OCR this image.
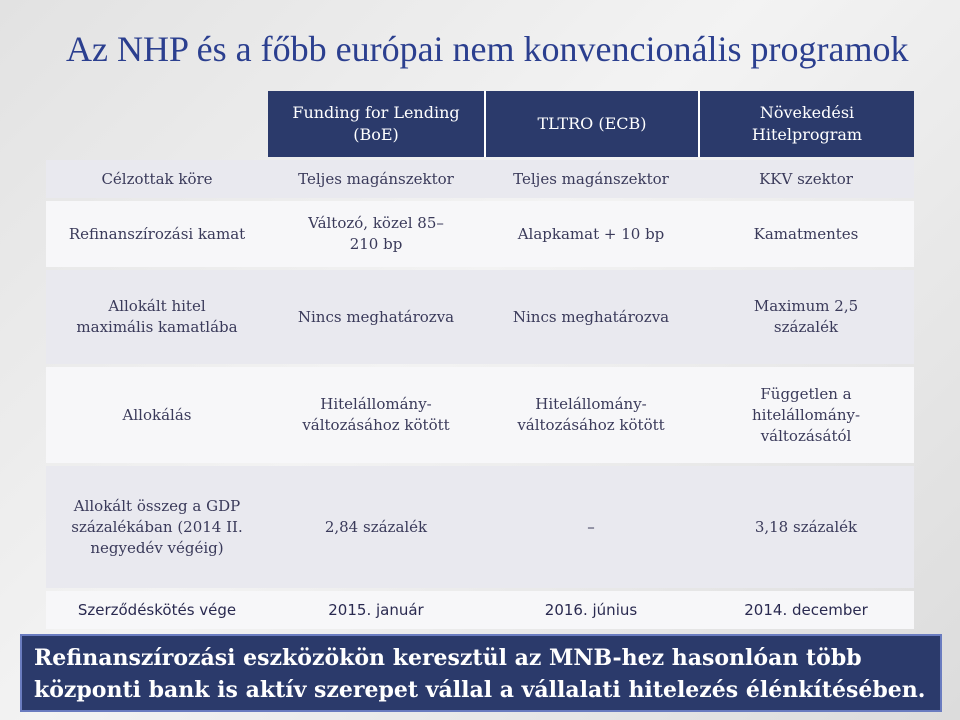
Az NHP és a főbb európai nem konvencionális programok
	Funding for Lending (BoE)	TLTRO (ECB)	Növekedési Hitelprogram
Célzottak köre	Teljes magánszektor	Teljes magánszektor	KKV szektor
Refinanszírozási kamat	Változó, közel 85–210 bp	Alapkamat + 10 bp	Kamatmentes
Allokált hitel maximális kamatlába	Nincs meghatározva	Nincs meghatározva	Maximum 2,5 százalék
Allokálás	Hitelállomány-változásához kötött	Hitelállomány-változásához kötött	Független a hitelállomány-változásától
Allokált összeg a GDP százalékában (2014 II. negyedév végéig)	2,84 százalék	–	3,18 százalék
Szerződéskötés vége	2015. január	2016. június	2014. december
Refinanszírozási eszközökön keresztül az MNB-hez hasonlóan több központi bank is aktív szerepet vállal a vállalati hitelezés élénkítésében.
